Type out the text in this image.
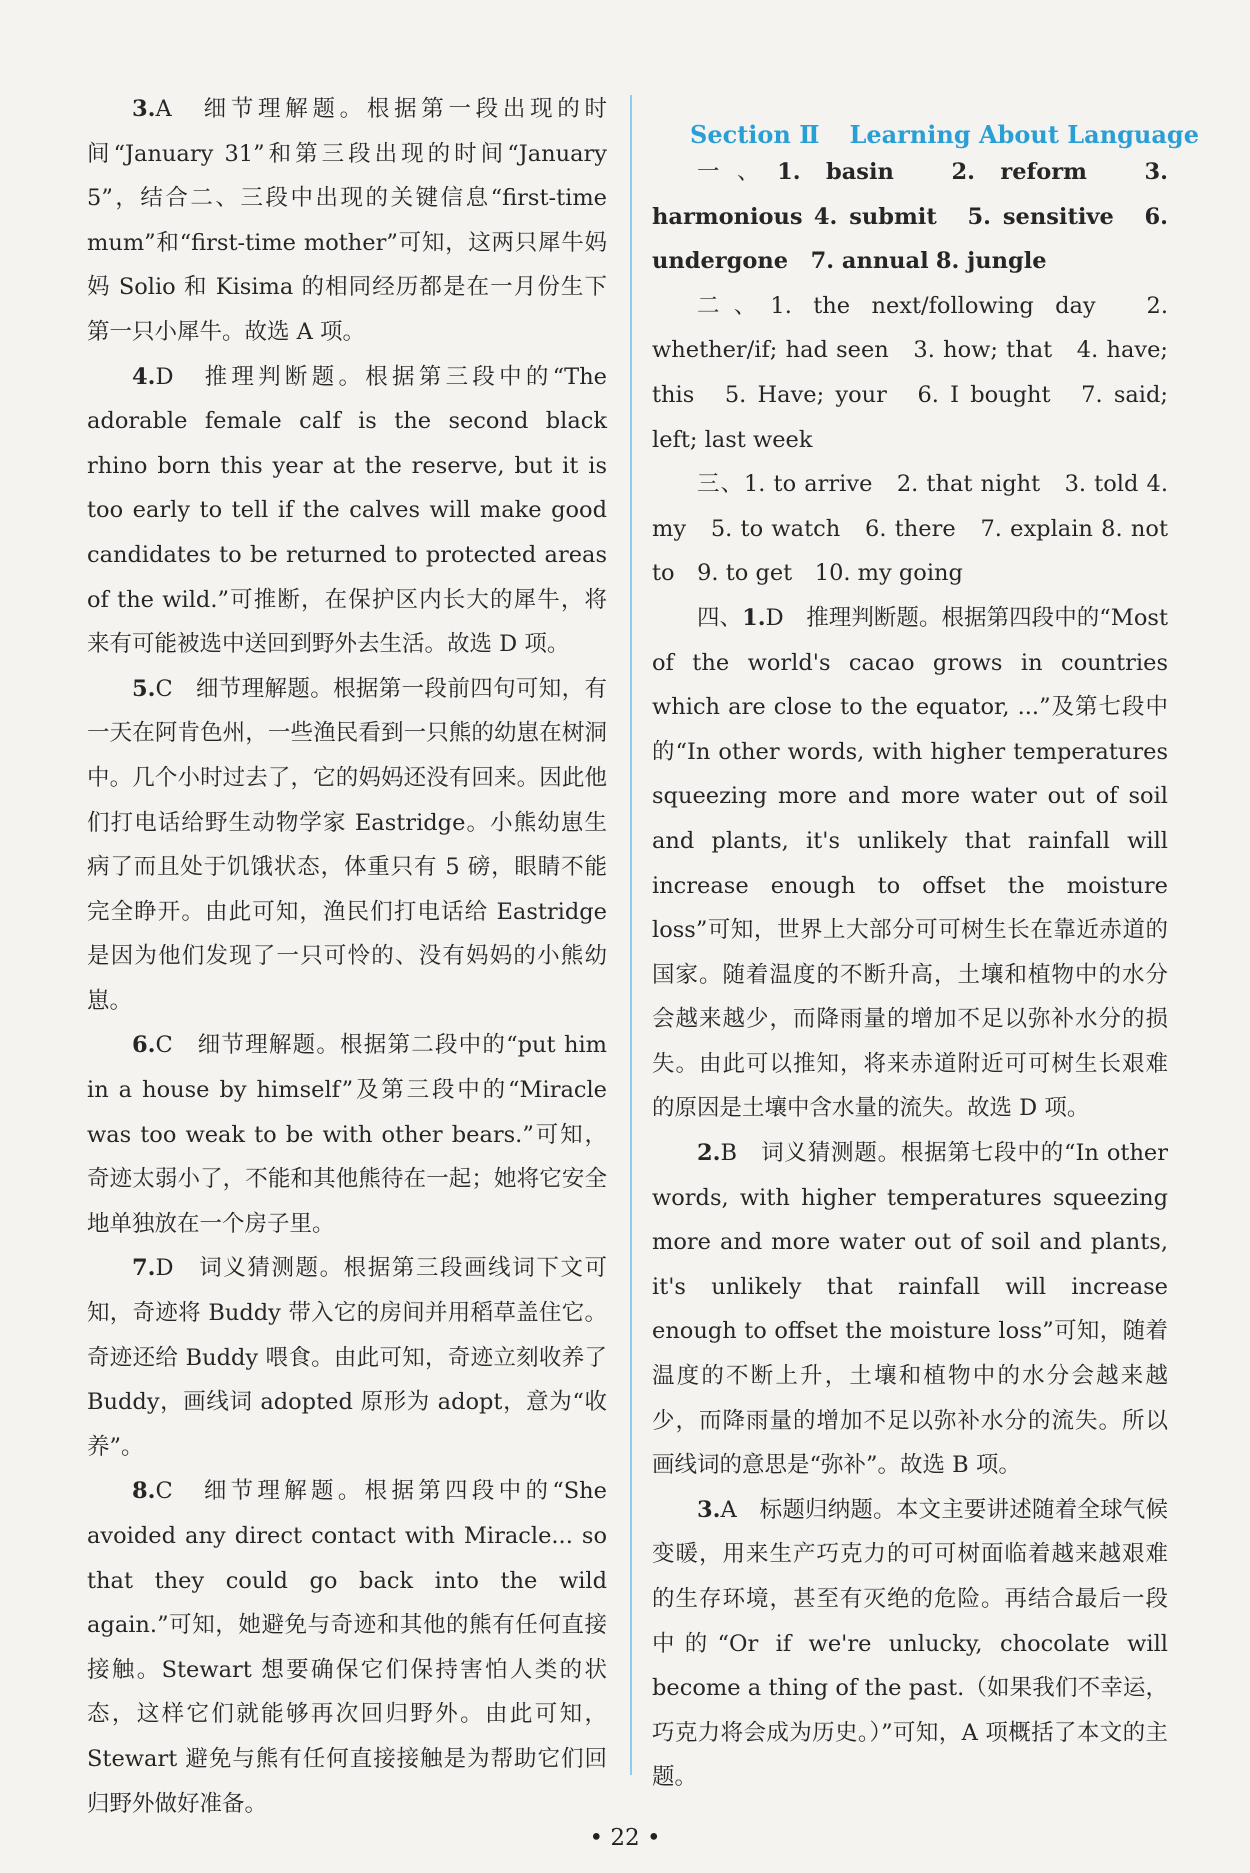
3.A　细节理解题。根据第一段出现的时间“January 31”和第三段出现的时间“January 5”，结合二、三段中出现的关键信息“first-time mum”和“first-time mother”可知，这两只犀牛妈妈 Solio 和 Kisima 的相同经历都是在一月份生下第一只小犀牛。故选 A 项。

4.D　推理判断题。根据第三段中的“The adorable female calf is the second black rhino born this year at the reserve, but it is too early to tell if the calves will make good candidates to be returned to protected areas of the wild.”可推断，在保护区内长大的犀牛，将来有可能被选中送回到野外去生活。故选 D 项。

5.C　细节理解题。根据第一段前四句可知，有一天在阿肯色州，一些渔民看到一只熊的幼崽在树洞中。几个小时过去了，它的妈妈还没有回来。因此他们打电话给野生动物学家 Eastridge。小熊幼崽生病了而且处于饥饿状态，体重只有 5 磅，眼睛不能完全睁开。由此可知，渔民们打电话给 Eastridge 是因为他们发现了一只可怜的、没有妈妈的小熊幼崽。

6.C　细节理解题。根据第二段中的“put him in a house by himself”及第三段中的“Miracle was too weak to be with other bears.”可知，奇迹太弱小了，不能和其他熊待在一起；她将它安全地单独放在一个房子里。

7.D　词义猜测题。根据第三段画线词下文可知，奇迹将 Buddy 带入它的房间并用稻草盖住它。奇迹还给 Buddy 喂食。由此可知，奇迹立刻收养了 Buddy，画线词 adopted 原形为 adopt，意为“收养”。

8.C　细节理解题。根据第四段中的“She avoided any direct contact with Miracle... so that they could go back into the wild again.”可知，她避免与奇迹和其他的熊有任何直接接触。Stewart 想要确保它们保持害怕人类的状态，这样它们就能够再次回归野外。由此可知，Stewart 避免与熊有任何直接接触是为帮助它们回归野外做好准备。

Section Ⅱ Learning About Language

一、1. basin　	2. reform　	3. harmonious 4. submit　 5. sensitive　 6. undergone　 7. annual 8. jungle

二、1. the next/following day　2. whether/if; had seen　3. how; that　4. have; this　5. Have; your　6. I bought　7. said; left; last week

三、1. to arrive　 2. that night　 3. told 4. my　 5. to watch　 6. there　 7. explain 8. not to　 9. to get　 10. my going

四、1.D　推理判断题。根据第四段中的“Most of the world's cacao grows in countries which are close to the equator, ...”及第七段中的“In other words, with higher temperatures squeezing more and more water out of soil and plants, it's unlikely that rainfall will increase enough to offset the moisture loss”可知，世界上大部分可可树生长在靠近赤道的国家。随着温度的不断升高，土壤和植物中的水分会越来越少，而降雨量的增加不足以弥补水分的损失。由此可以推知，将来赤道附近可可树生长艰难的原因是土壤中含水量的流失。故选 D 项。

2.B　词义猜测题。根据第七段中的“In other words, with higher temperatures squeezing more and more water out of soil and plants, it's unlikely that rainfall will increase enough to offset the moisture loss”可知，随着温度的不断上升，土壤和植物中的水分会越来越少，而降雨量的增加不足以弥补水分的流失。所以画线词的意思是“弥补”。故选 B 项。

3.A　标题归纳题。本文主要讲述随着全球气候变暖，用来生产巧克力的可可树面临着越来越艰难的生存环境，甚至有灭绝的危险。再结合最后一段中的“Or if we're unlucky, chocolate will become a thing of the past.（如果我们不幸运，巧克力将会成为历史。）”可知，A 项概括了本文的主题。

• 22 •
